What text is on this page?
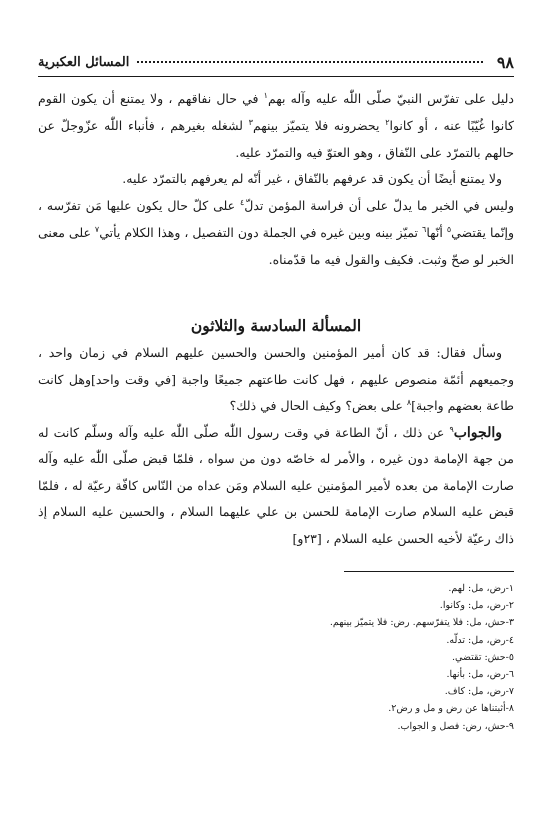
٩٨
المسائل العكبرية

دليل على تفرّس النبيّ صلّى اللّٰه عليه وآله بهم$^١$ في حال نفاقهم ، ولا يمتنع أن يكون القوم كانوا غُيّبًا عنه ، أو كانوا$^٢$ يحضرونه فلا يتميّز بينهم$^٣$ لشغله بغيرهم ، فأنباء اللّٰه عزّوجلّ عن حالهم بالتمرّد على النّفاق ، وهو العتوّ فيه والتمرّد عليه.

ولا يمتنع أيضًا أن يكون قد عرفهم بالنّفاق ، غير أنّه لم يعرفهم بالتمرّد عليه.

وليس في الخبر ما يدلّ على أن فراسة المؤمن تدلّ$^٤$ على كلّ حال يكون عليها مَن تفرّسه ، وإنّما يقتضي$^٥$ أنّها$^٦$ تميّز بينه وبين غيره في الجملة دون التفصيل ، وهذا الكلام يأتي$^٧$ على معنى الخبر لو صحّ وثبت. فكيف والقول فيه ما قدّمناه.

المسألة السادسة والثلاثون

وسأل فقال: قد كان أمير المؤمنين والحسن والحسين عليهم السلام في زمان واحد ، وجميعهم أئمّة منصوص عليهم ، فهل كانت طاعتهم جميعًا واجبة [في وقت واحد]وهل كانت طاعة بعضهم واجبة]$^٨$ على بعض؟ وكيف الحال في ذلك؟

والجواب$^٩$ عن ذلك ، أنّ الطاعة في وقت رسول اللّٰه صلّى اللّٰه عليه وآله وسلّم كانت له من جهة الإمامة دون غيره ، والأمر له خاصّه دون من سواه ، فلمّا قبض صلّى اللّٰه عليه وآله صارت الإمامة من بعده لأمير المؤمنين عليه السلام ومَن عداه من النّاس كافّة رعيّة له ، فلمّا قبض عليه السلام صارت الإمامة للحسن بن علي عليهما السلام ، والحسين عليه السلام إذ ذاك رعيّة لأخيه الحسن عليه السلام ، [٢٣و]

١-رض، مل: لهم.
٢-رض، مل: وكانوا.
٣-حش، مل: فلا يتفرّسهم. رض: فلا يتميّز بينهم.
٤-رض، مل: تدلّه.
٥-حش: تقتضي.
٦-رض، مل: بأنها.
٧-رض، مل: كاف.
٨-أثبتناها عن رض و مل و رض٢.
٩-حش، رض: فصل و الجواب.
